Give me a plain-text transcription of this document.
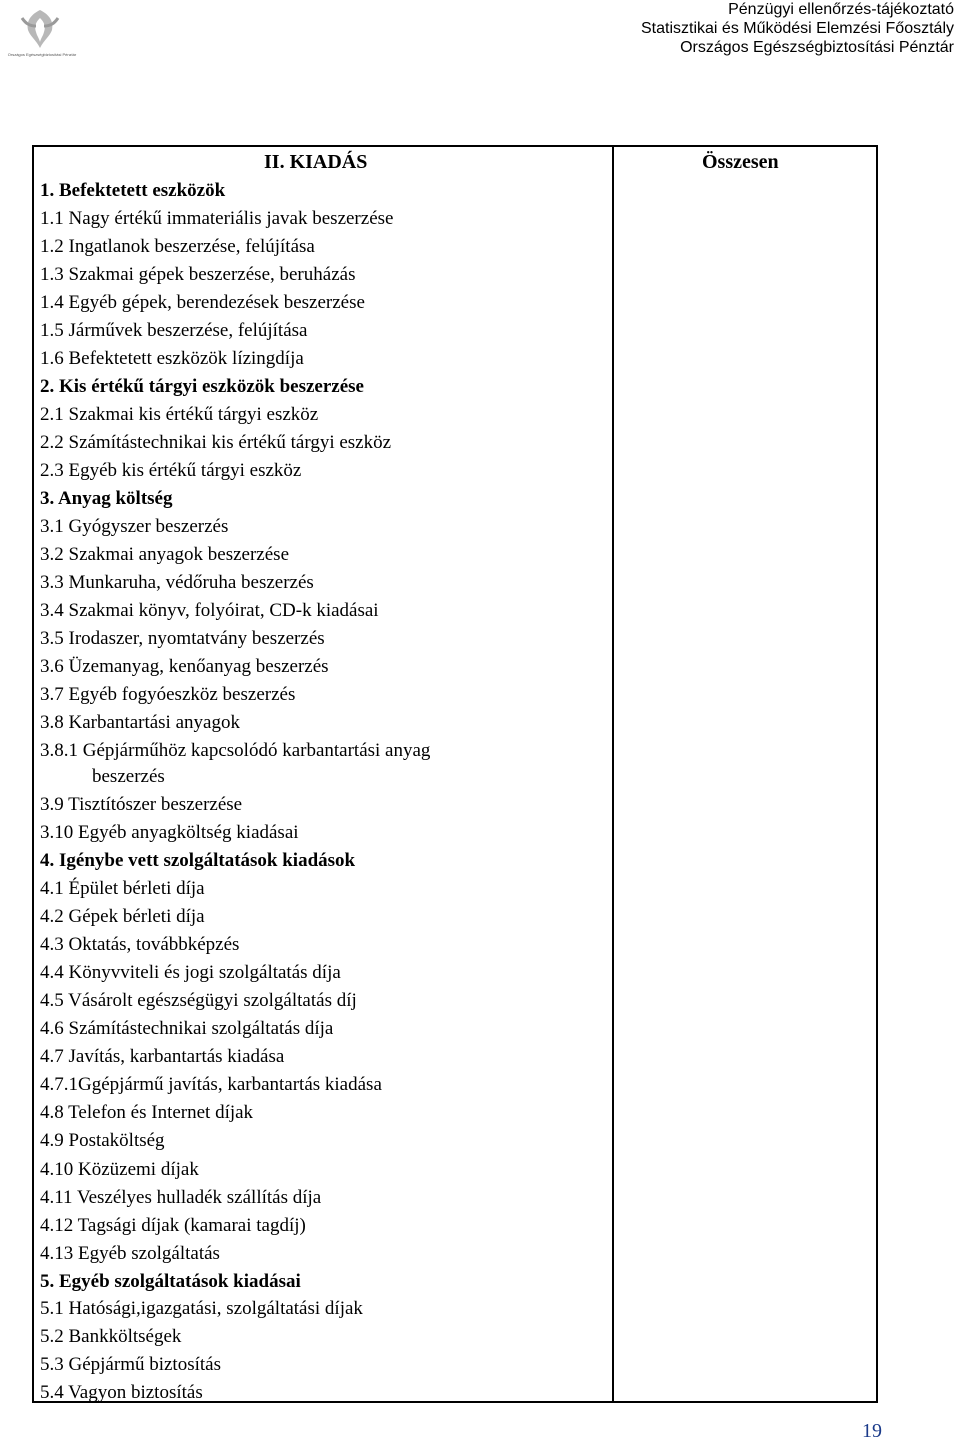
Országos Egészségbiztosítási Pénztár
Pénzügyi ellenőrzés-tájékoztató
Statisztikai és Működési Elemzési Főosztály
Országos Egészségbiztosítási Pénztár
II. KIADÁS	Összesen
1. Befektetett eszközök
1.1 Nagy értékű immateriális javak beszerzése
1.2 Ingatlanok beszerzése, felújítása
1.3 Szakmai gépek beszerzése, beruházás
1.4 Egyéb gépek, berendezések beszerzése
1.5 Járművek beszerzése, felújítása
1.6 Befektetett eszközök lízingdíja
2. Kis értékű tárgyi eszközök beszerzése
2.1 Szakmai kis értékű tárgyi eszköz
2.2 Számítástechnikai kis értékű tárgyi eszköz
2.3 Egyéb kis értékű tárgyi eszköz
3. Anyag költség
3.1 Gyógyszer beszerzés
3.2 Szakmai anyagok beszerzése
3.3 Munkaruha, védőruha beszerzés
3.4 Szakmai könyv, folyóirat, CD-k kiadásai
3.5 Irodaszer, nyomtatvány beszerzés
3.6 Üzemanyag, kenőanyag beszerzés
3.7 Egyéb fogyóeszköz beszerzés
3.8 Karbantartási anyagok
3.8.1 Gépjárműhöz kapcsolódó karbantartási anyag
beszerzés
3.9 Tisztítószer beszerzése
3.10 Egyéb anyagköltség kiadásai
4. Igénybe vett szolgáltatások kiadások
4.1 Épület bérleti díja
4.2 Gépek bérleti díja
4.3 Oktatás, továbbképzés
4.4 Könyvviteli és jogi szolgáltatás díja
4.5 Vásárolt egészségügyi szolgáltatás díj
4.6 Számítástechnikai szolgáltatás díja
4.7 Javítás, karbantartás kiadása
4.7.1Ggépjármű javítás, karbantartás kiadása
4.8 Telefon és Internet díjak
4.9 Postaköltség
4.10 Közüzemi díjak
4.11 Veszélyes hulladék szállítás díja
4.12 Tagsági díjak (kamarai tagdíj)
4.13 Egyéb szolgáltatás
5. Egyéb szolgáltatások kiadásai
5.1 Hatósági,igazgatási, szolgáltatási díjak
5.2 Bankköltségek
5.3 Gépjármű biztosítás
5.4 Vagyon biztosítás
19
